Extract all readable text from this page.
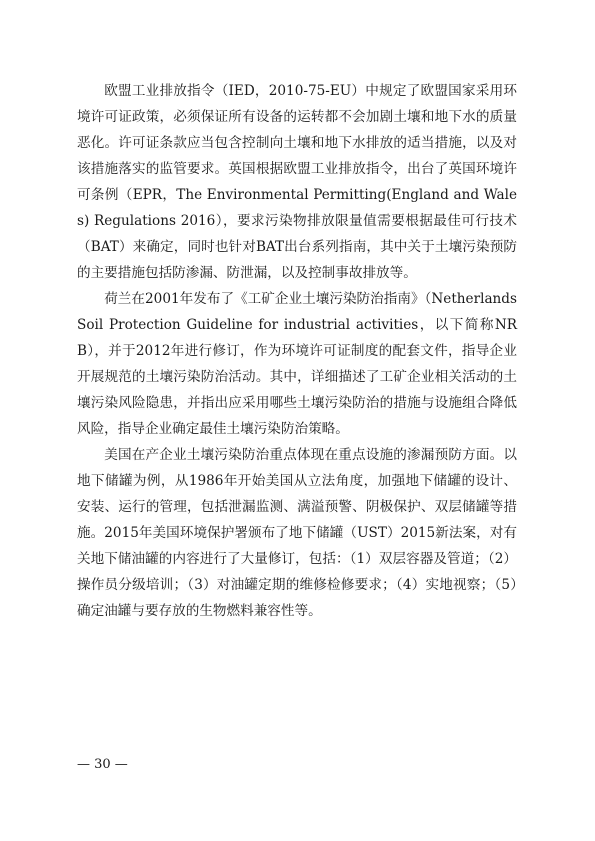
欧盟工业排放指令（IED，2010-75-EU）中规定了欧盟国家采用环境许可证政策，必须保证所有设备的运转都不会加剧土壤和地下水的质量恶化。许可证条款应当包含控制向土壤和地下水排放的适当措施，以及对该措施落实的监管要求。英国根据欧盟工业排放指令，出台了英国环境许可条例（EPR，The Environmental Permitting(England and Wales) Regulations 2016），要求污染物排放限量值需要根据最佳可行技术（BAT）来确定，同时也针对BAT出台系列指南，其中关于土壤污染预防的主要措施包括防渗漏、防泄漏，以及控制事故排放等。

荷兰在2001年发布了《工矿企业土壤污染防治指南》（Netherlands Soil Protection Guideline for industrial activities，以下简称NRB），并于2012年进行修订，作为环境许可证制度的配套文件，指导企业开展规范的土壤污染防治活动。其中，详细描述了工矿企业相关活动的土壤污染风险隐患，并指出应采用哪些土壤污染防治的措施与设施组合降低风险，指导企业确定最佳土壤污染防治策略。

美国在产企业土壤污染防治重点体现在重点设施的渗漏预防方面。以地下储罐为例，从1986年开始美国从立法角度，加强地下储罐的设计、安装、运行的管理，包括泄漏监测、满溢预警、阴极保护、双层储罐等措施。2015年美国环境保护署颁布了地下储罐（UST）2015新法案，对有关地下储油罐的内容进行了大量修订，包括：（1）双层容器及管道；（2）操作员分级培训；（3）对油罐定期的维修检修要求；（4）实地视察；（5）确定油罐与要存放的生物燃料兼容性等。

— 30 —
